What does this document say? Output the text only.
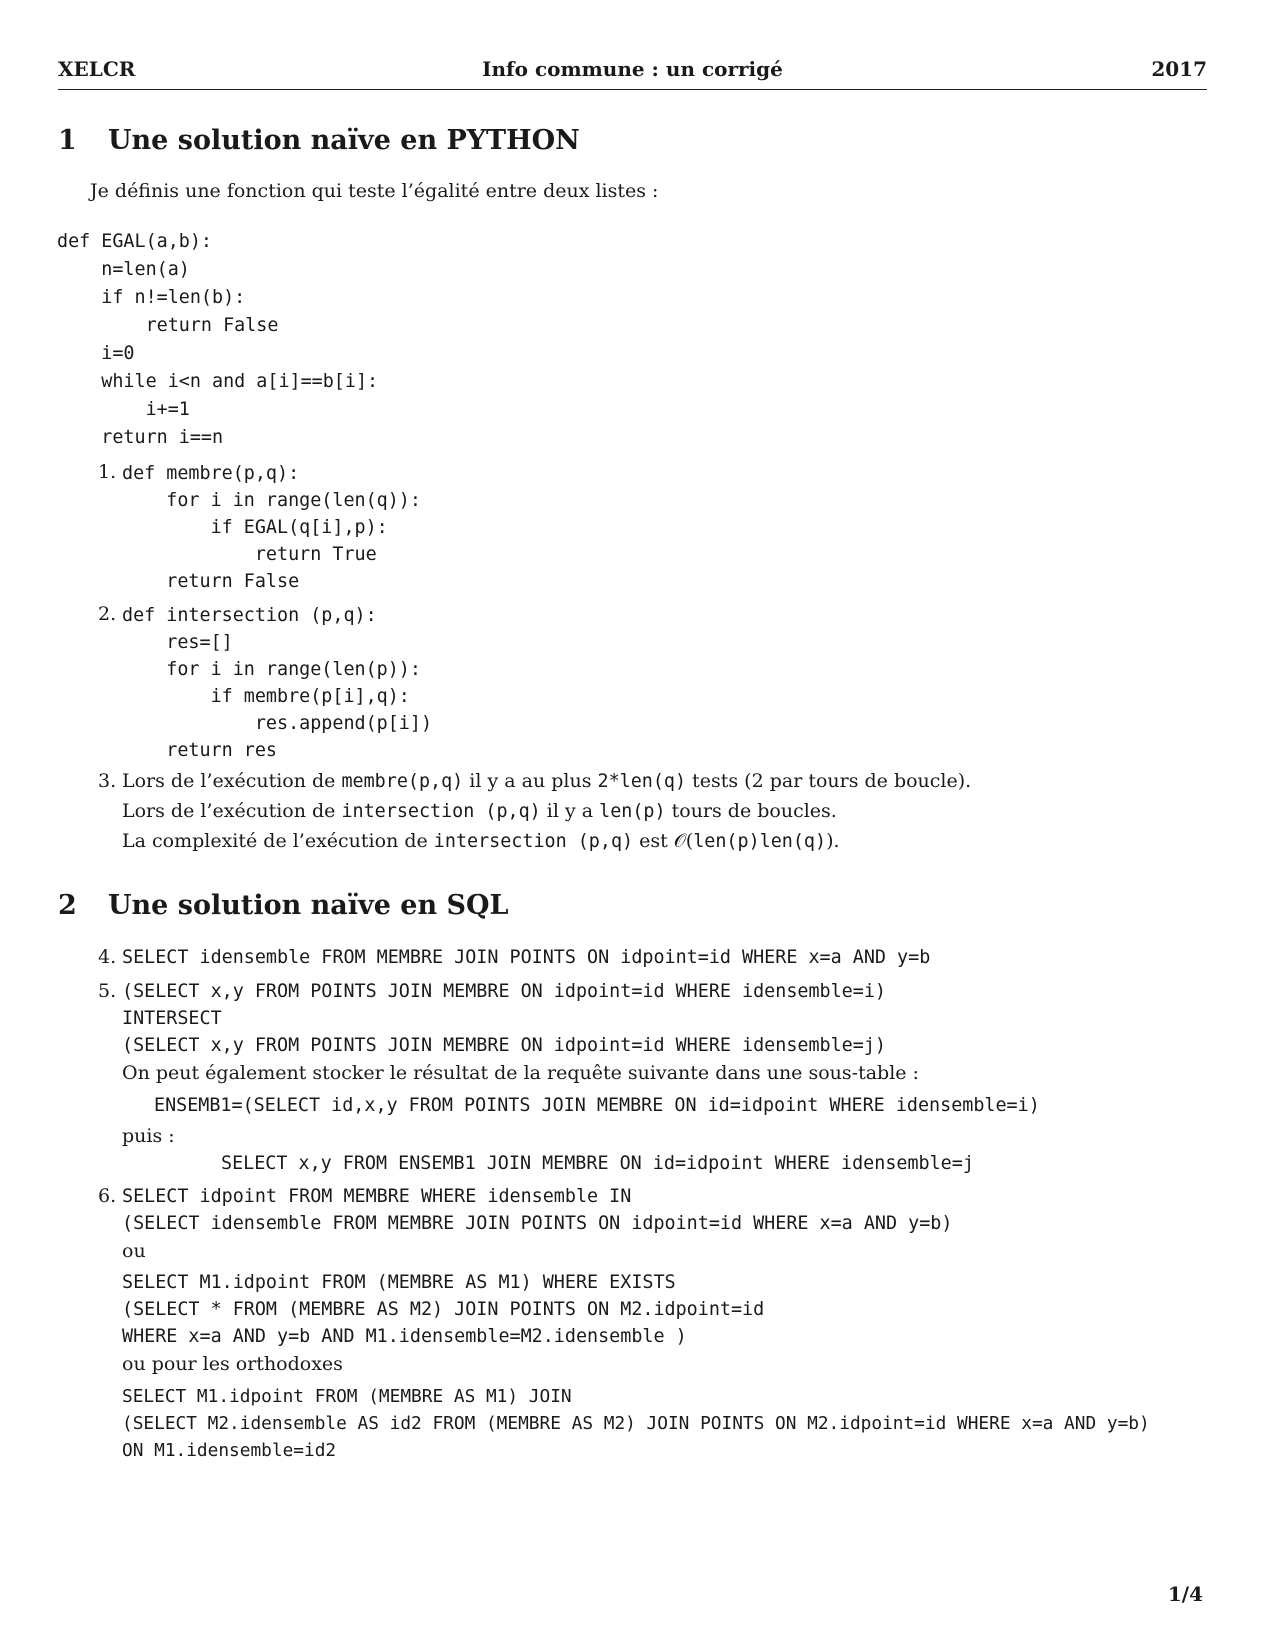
XELCR	Info commune : un corrigé	2017
1 Une solution naïve en PYTHON

Je définis une fonction qui teste l’égalité entre deux listes :

def EGAL(a,b):
n=len(a)
if n!=len(b):
return False
i=0
while i<n and a[i]==b[i]:
i+=1
return i==n
1. def membre(p,q):
for i in range(len(q)):
if EGAL(q[i],p):
return True
return False
2. def intersection (p,q):
res=[]
for i in range(len(p)):
if membre(p[i],q):
res.append(p[i])
return res
3. Lors de l’exécution de membre(p,q) il y a au plus 2*len(q) tests (2 par tours de boucle).
Lors de l’exécution de intersection (p,q) il y a len(p) tours de boucles.
La complexité de l’exécution de intersection (p,q) est 𝒪(len(p)len(q)).
2 Une solution naïve en SQL
4. SELECT idensemble FROM MEMBRE JOIN POINTS ON idpoint=id WHERE x=a AND y=b
5. (SELECT x,y FROM POINTS JOIN MEMBRE ON idpoint=id WHERE idensemble=i)
INTERSECT
(SELECT x,y FROM POINTS JOIN MEMBRE ON idpoint=id WHERE idensemble=j)

On peut également stocker le résultat de la requête suivante dans une sous-table :

ENSEMB1=(SELECT id,x,y FROM POINTS JOIN MEMBRE ON id=idpoint WHERE idensemble=i)

puis :

SELECT x,y FROM ENSEMB1 JOIN MEMBRE ON id=idpoint WHERE idensemble=j
6. SELECT idpoint FROM MEMBRE WHERE idensemble IN
(SELECT idensemble FROM MEMBRE JOIN POINTS ON idpoint=id WHERE x=a AND y=b)

ou

SELECT M1.idpoint FROM (MEMBRE AS M1) WHERE EXISTS
(SELECT * FROM (MEMBRE AS M2) JOIN POINTS ON M2.idpoint=id
WHERE x=a AND y=b AND M1.idensemble=M2.idensemble )

ou pour les orthodoxes

SELECT M1.idpoint FROM (MEMBRE AS M1) JOIN
(SELECT M2.idensemble AS id2 FROM (MEMBRE AS M2) JOIN POINTS ON M2.idpoint=id WHERE x=a AND y=b)
ON M1.idensemble=id2
1/4
